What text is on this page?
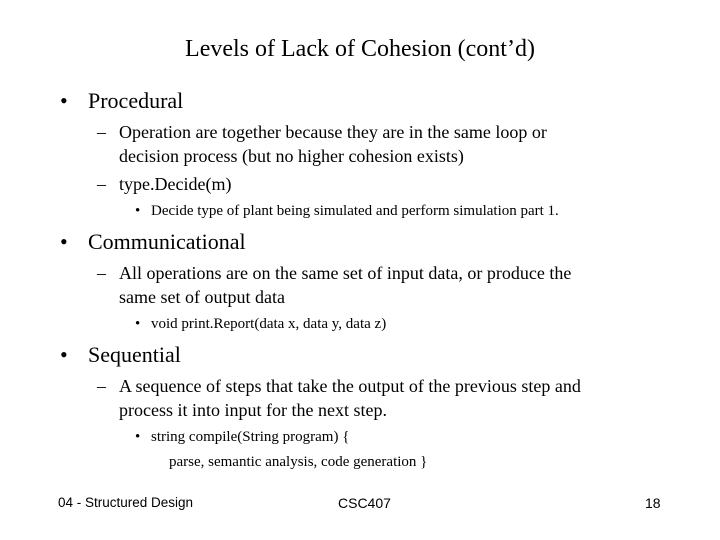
Levels of Lack of Cohesion (cont’d)
• Procedural
– Operation are together because they are in the same loop or
decision process (but no higher cohesion exists)
– type.Decide(m)
• Decide type of plant being simulated and perform simulation part 1.
• Communicational
– All operations are on the same set of input data, or produce the
same set of output data
• void print.Report(data x, data y, data z)
• Sequential
– A sequence of steps that take the output of the previous step and
process it into input for the next step.
• string compile(String program) {
parse, semantic analysis, code generation }
04 - Structured Design	CSC407	18
